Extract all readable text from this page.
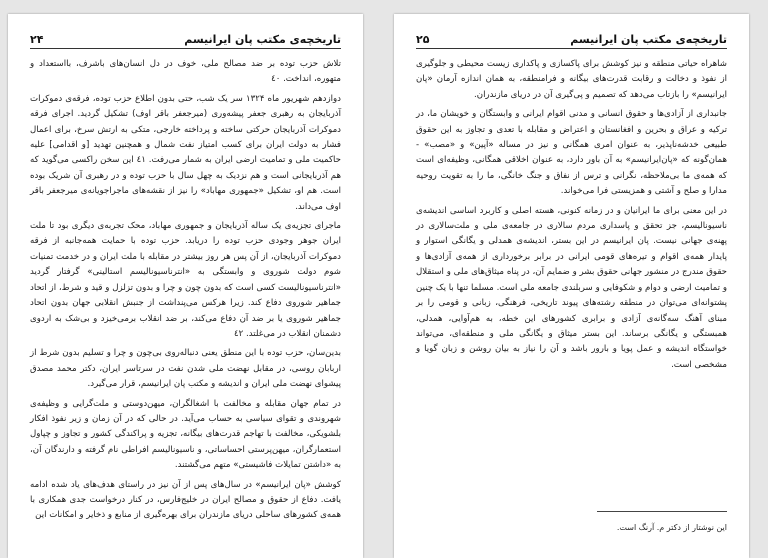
تاریخچه‌ی مکتب پان ایرانیسم
۲۴

تلاش حزب توده بر ضد مصالح ملی، خوف در دل انسان‌های باشرف، بااستعداد و متهوره، انداخت. ٤٠

دوازدهم شهریور ماه ۱۳۲۴ سر یک شب، حتی بدون اطلاع حزب توده، فرقه‌ی دموکرات آذربایجان به رهبری جعفر پیشه‌وری (میرجعفر باقر اوف) تشکیل گردید. اجرای فرقه دموکرات آذربایجان حرکتی ساخته و پرداخته خارجی، متکی به ارتش سرخ، برای اعمال فشار به دولت ایران برای کسب امتیاز نفت شمال و همچنین تهدید [و اقدامی] علیه حاکمیت ملی و تمامیت ارضی ایران به شمار می‌رفت. ٤١ این سخن راکسی می‌گوید که هم آذربایجانی است و هم نزدیک به چهل سال با حزب توده و در رهبری آن شریک بوده است. هم او، تشکیل «جمهوری مهاباد» را نیز از نقشه‌های ماجراجویانه‌ی میرجعفر باقر اوف می‌داند.

ماجرای تجزیه‌ی یک ساله آذربایجان و جمهوری مهاباد، محک تجربه‌ی دیگری بود تا ملت ایران جوهر وجودی حزب توده را دریابد. حزب توده با حمایت همه‌جانبه از فرقه دموکرات آذربایجان، از آن پس هر روز بیشتر در مقابله با ملت ایران و در خدمت تمنیات شوم دولت شوروی و وابستگی به «انترناسیونالیسم استالینی» گرفتار گردید «انترناسیونالیست کسی است که بدون چون و چرا و بدون تزلزل و قید و شرط، از اتحاد جماهیر شوروی دفاع کند. زیرا هرکس می‌پنداشت از جنبش انقلابی جهان بدون اتحاد جماهیر شوروی یا بر ضد آن دفاع می‌کند، بر ضد انقلاب برمی‌خیزد و بی‌شک به اردوی دشمنان انقلاب در می‌غلتد. ٤٢

بدین‌سان، حزب توده با این منطق یعنی دنباله‌روی بی‌چون و چرا و تسلیم بدون شرط از اربابان روسی، در مقابل نهضت ملی شدن نفت در سرتاسر ایران، دکتر محمد مصدق پیشوای نهضت ملی ایران و اندیشه و مکتب پان ایرانیسم، قرار می‌گیرد.

در تمام جهان مقابله و مخالفت با اشغالگران، میهن‌دوستی و ملت‌گرایی و وظیفه‌ی شهروندی و تقوای سیاسی به حساب می‌آید. در حالی که در آن زمان و زیر نفوذ افکار بلشویکی، مخالفت با تهاجم قدرت‌های بیگانه، تجزیه و پراکندگی کشور و تجاوز و چپاول استعمارگران، میهن‌پرستی احساساتی، و ناسیونالیسم افراطی نام گرفته و دارندگان آن، به «داشتن تمایلات فاشیستی» متهم می‌گشتند.

کوشش «پان ایرانیسم» در سال‌های پس از آن نیز در راستای هدف‌های یاد شده ادامه یافت. دفاع از حقوق و مصالح ایران در خلیج‌فارس، در کنار درخواست جدی همکاری با همه‌ی کشورهای ساحلی دریای مازندران برای بهره‌گیری از منابع و ذخایر و امکانات این

تاریخچه‌ی مکتب پان ایرانیسم
۲۵

شاهراه حیاتی منطقه و نیز کوشش برای پاکسازی و پاکداری زیست محیطی و جلوگیری از نفوذ و دخالت و رقابت قدرت‌های بیگانه و فرامنطقه، به همان اندازه آرمان «پان ایرانیسم» را بازتاب می‌دهد که تصمیم و پی‌گیری آن در دریای مازندران.

جانبداری از آزادی‌ها و حقوق انسانی و مدنی اقوام ایرانی و وابستگان و خویشان ما، در ترکیه و عراق و بحرین و افغانستان و اعتراض و مقابله با تعدی و تجاوز به این حقوق طبیعی خدشه‌ناپذیر، به عنوان امری همگانی و نیز در مساله «آپین» و «مصب» - همان‌گونه که «پان‌ایرانیسم» به آن باور دارد، به عنوان اخلاقی همگانی، وظیفه‌ای است که همه‌ی ما بی‌ملاحظه، نگرانی و ترس از نفاق و جنگ خانگی، ما را به تقویت روحیه مدارا و صلح و آشتی و همزیستی فرا می‌خواند.

در این معنی برای ما ایرانیان و در زمانه کنونی، هسته اصلی و کاربرد اساسی اندیشه‌ی ناسیونالیسم، جز تحقق و پاسداری مردم سالاری در جامعه‌ی ملی و ملت‌سالاری در پهنه‌ی جهانی نیست. پان ایرانیسم در این بستر، اندیشه‌ی همدلی و یگانگی استوار و پایدار همه‌ی اقوام و تیره‌های قومی ایرانی در برابر برخورداری از همه‌ی آزادی‌ها و حقوق مندرج در منشور جهانی حقوق بشر و ضمایم آن، در پناه میثاق‌های ملی و استقلال و تمامیت ارضی و دوام و شکوفایی و سربلندی جامعه ملی است. مسلما تنها با یک چنین پشتوانه‌ای می‌توان در منطقه رشته‌های پیوند تاریخی، فرهنگی، زبانی و قومی را بر مبنای آهنگ سه‌گانه‌ی آزادی و برابری کشورهای این خطه، به هم‌آوایی، همدلی، همبستگی و یگانگی برساند. این بستر میثاق و یگانگی ملی و منطقه‌ای، می‌تواند خواستگاه اندیشه و عمل پویا و بارور باشد و آن را نیاز به بیان روشن و زبان گویا و مشخصی است.

این نوشتار از دکتر م. آرنگ است.
